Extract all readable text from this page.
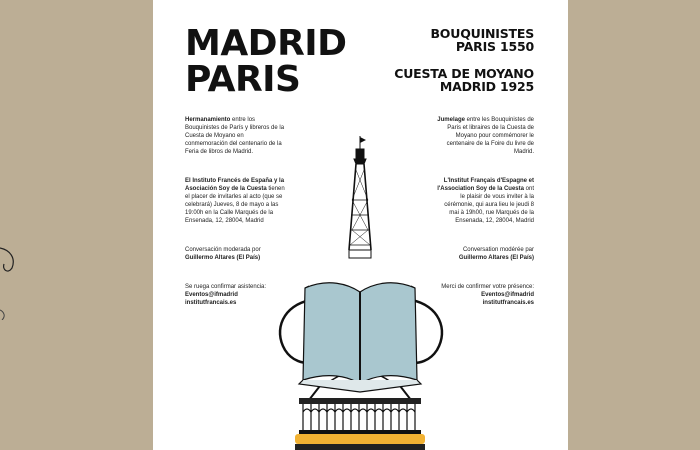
MADRID
PARIS
BOUQUINISTES
PARIS 1550
CUESTA DE MOYANO
MADRID 1925

Hermanamiento entre los Bouquinistes de París y libreros de la Cuesta de Moyano en conmemoración del centenario de la Feria de libros de Madrid.

El Instituto Francés de España y la Asociación Soy de la Cuesta tienen el placer de invitarles al acto (que se celebrará) Jueves, 8 de mayo a las 19:00h en la Calle Marqués de la Ensenada, 12, 28004, Madrid

Conversación moderada por
Guillermo Altares (El País)

Se ruega confirmar asistencia:
Eventos@ifmadrid institutfrancais.es

Jumelage entre les Bouquinistes de Paris et libraires de la Cuesta de Moyano pour commémorer le centenaire de la Foire du livre de Madrid.

L'Institut Français d'Espagne et l'Association Soy de la Cuesta ont le plaisir de vous inviter à la cérémonie, qui aura lieu le jeudi 8 mai à 19h00, rue Marqués de la Ensenada, 12, 28004, Madrid

Conversation modérée par
Guillermo Altares (El País)

Merci de confirmer votre présence:
Eventos@ifmadrid institutfrancais.es
